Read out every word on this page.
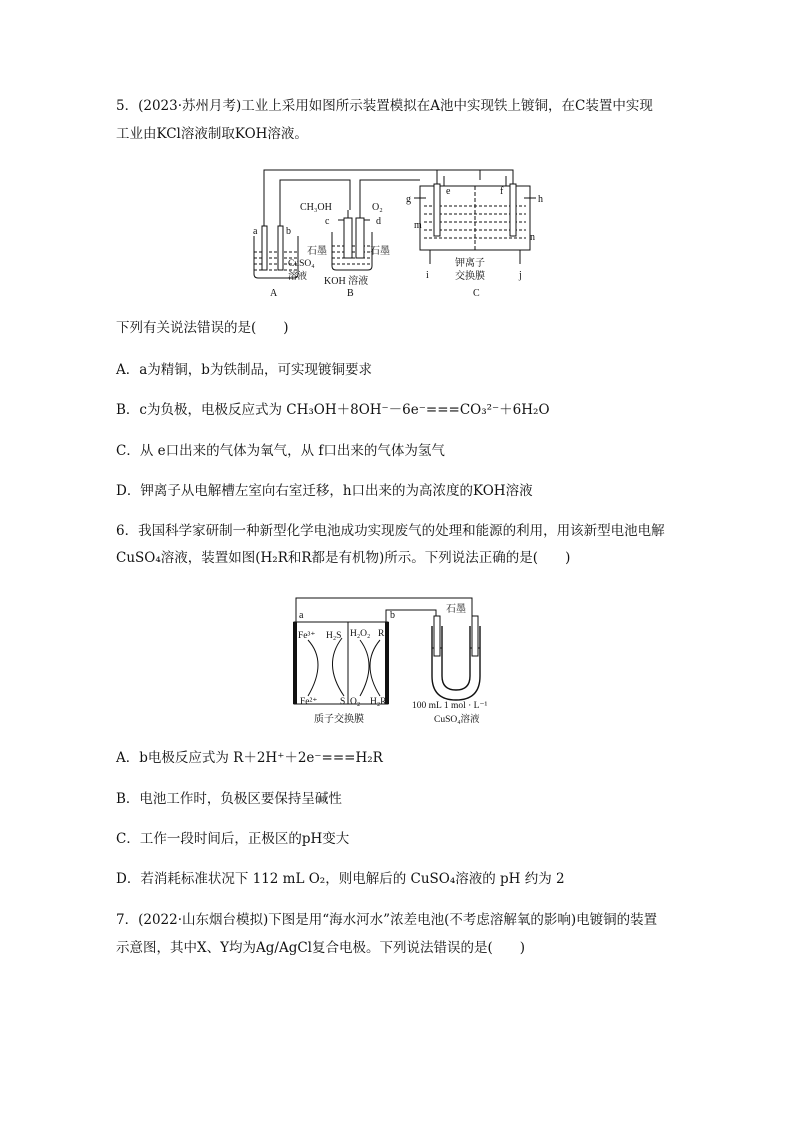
5．(2023·苏州月考)工业上采用如图所示装置模拟在A池中实现铁上镀铜，在C装置中实现
工业由KCl溶液制取KOH溶液。
a	b
CuSO₄
溶液
A
CH₃OH	O₂
c	d
石墨	石墨
KOH 溶液
B
e	f
g	h
m
n
i	j
钾离子
交换膜
C
下列有关说法错误的是(　　)
A．a为精铜，b为铁制品，可实现镀铜要求
B．c为负极，电极反应式为 CH₃OH＋8OH⁻－6e⁻===CO₃²⁻＋6H₂O
C．从 e口出来的气体为氧气，从 f口出来的气体为氢气
D．钾离子从电解槽左室向右室迁移，h口出来的为高浓度的KOH溶液
6．我国科学家研制一种新型化学电池成功实现废气的处理和能源的利用，用该新型电池电解
CuSO₄溶液，装置如图(H₂R和R都是有机物)所示。下列说法正确的是(　　)
a	b
石墨
Fe³⁺ H₂S
Fe²⁺ S
H₂O₂ R
O₂ H₂R
质子交换膜
100 mL 1 mol · L⁻¹
CuSO₄溶液
A．b电极反应式为 R＋2H⁺＋2e⁻===H₂R
B．电池工作时，负极区要保持呈碱性
C．工作一段时间后，正极区的pH变大
D．若消耗标准状况下 112 mL O₂，则电解后的 CuSO₄溶液的 pH 约为 2
7．(2022·山东烟台模拟)下图是用“海水河水”浓差电池(不考虑溶解氧的影响)电镀铜的装置
示意图，其中X、Y均为Ag/AgCl复合电极。下列说法错误的是(　　)
